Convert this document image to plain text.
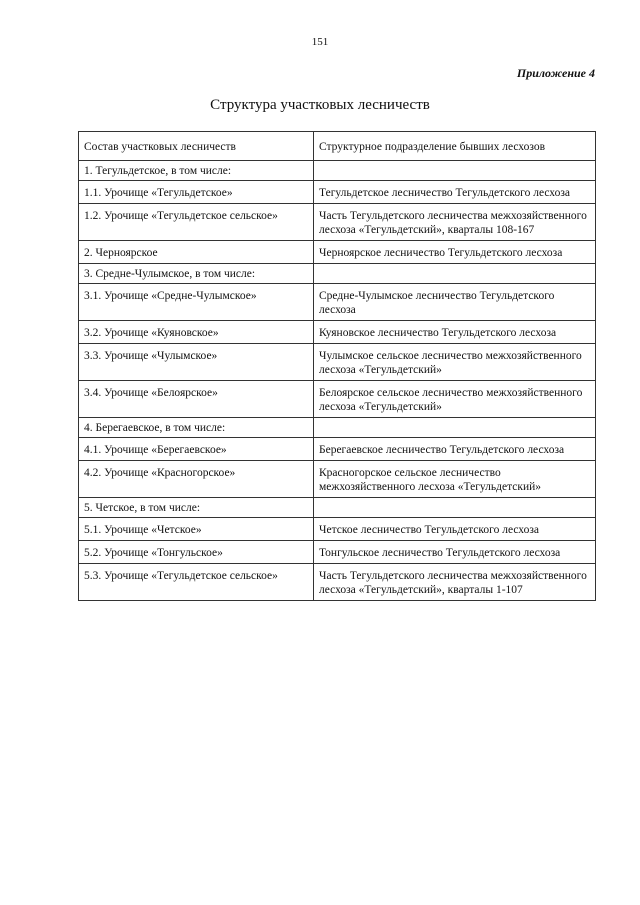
151
Приложение 4
Структура участковых лесничеств
Состав участковых лесничеств	Структурное подразделение бывших лесхозов
1. Тегульдетское, в том числе:	
1.1. Урочище «Тегульдетское»	Тегульдетское лесничество Тегульдетского лесхоза
1.2. Урочище «Тегульдетское сельское»	Часть Тегульдетского лесничества межхозяйственного лесхоза «Тегульдетский», кварталы 108-167
2. Черноярское	Черноярское лесничество Тегульдетского лесхоза
3. Средне-Чулымское, в том числе:	
3.1. Урочище «Средне-Чулымское»	Средне-Чулымское лесничество Тегульдетского лесхоза
3.2. Урочище «Куяновское»	Куяновское лесничество Тегульдетского лесхоза
3.3. Урочище «Чулымское»	Чулымское сельское лесничество межхозяйственного лесхоза «Тегульдетский»
3.4. Урочище «Белоярское»	Белоярское сельское лесничество межхозяйственного лесхоза «Тегульдетский»
4. Берегаевское, в том числе:	
4.1. Урочище «Берегаевское»	Берегаевское лесничество Тегульдетского лесхоза
4.2. Урочище «Красногорское»	Красногорское сельское лесничество межхозяйственного лесхоза «Тегульдетский»
5. Четское, в том числе:	
5.1. Урочище «Четское»	Четское лесничество Тегульдетского лесхоза
5.2. Урочище «Тонгульское»	Тонгульское лесничество Тегульдетского лесхоза
5.3. Урочище «Тегульдетское сельское»	Часть Тегульдетского лесничества межхозяйственного лесхоза «Тегульдетский», кварталы 1-107
